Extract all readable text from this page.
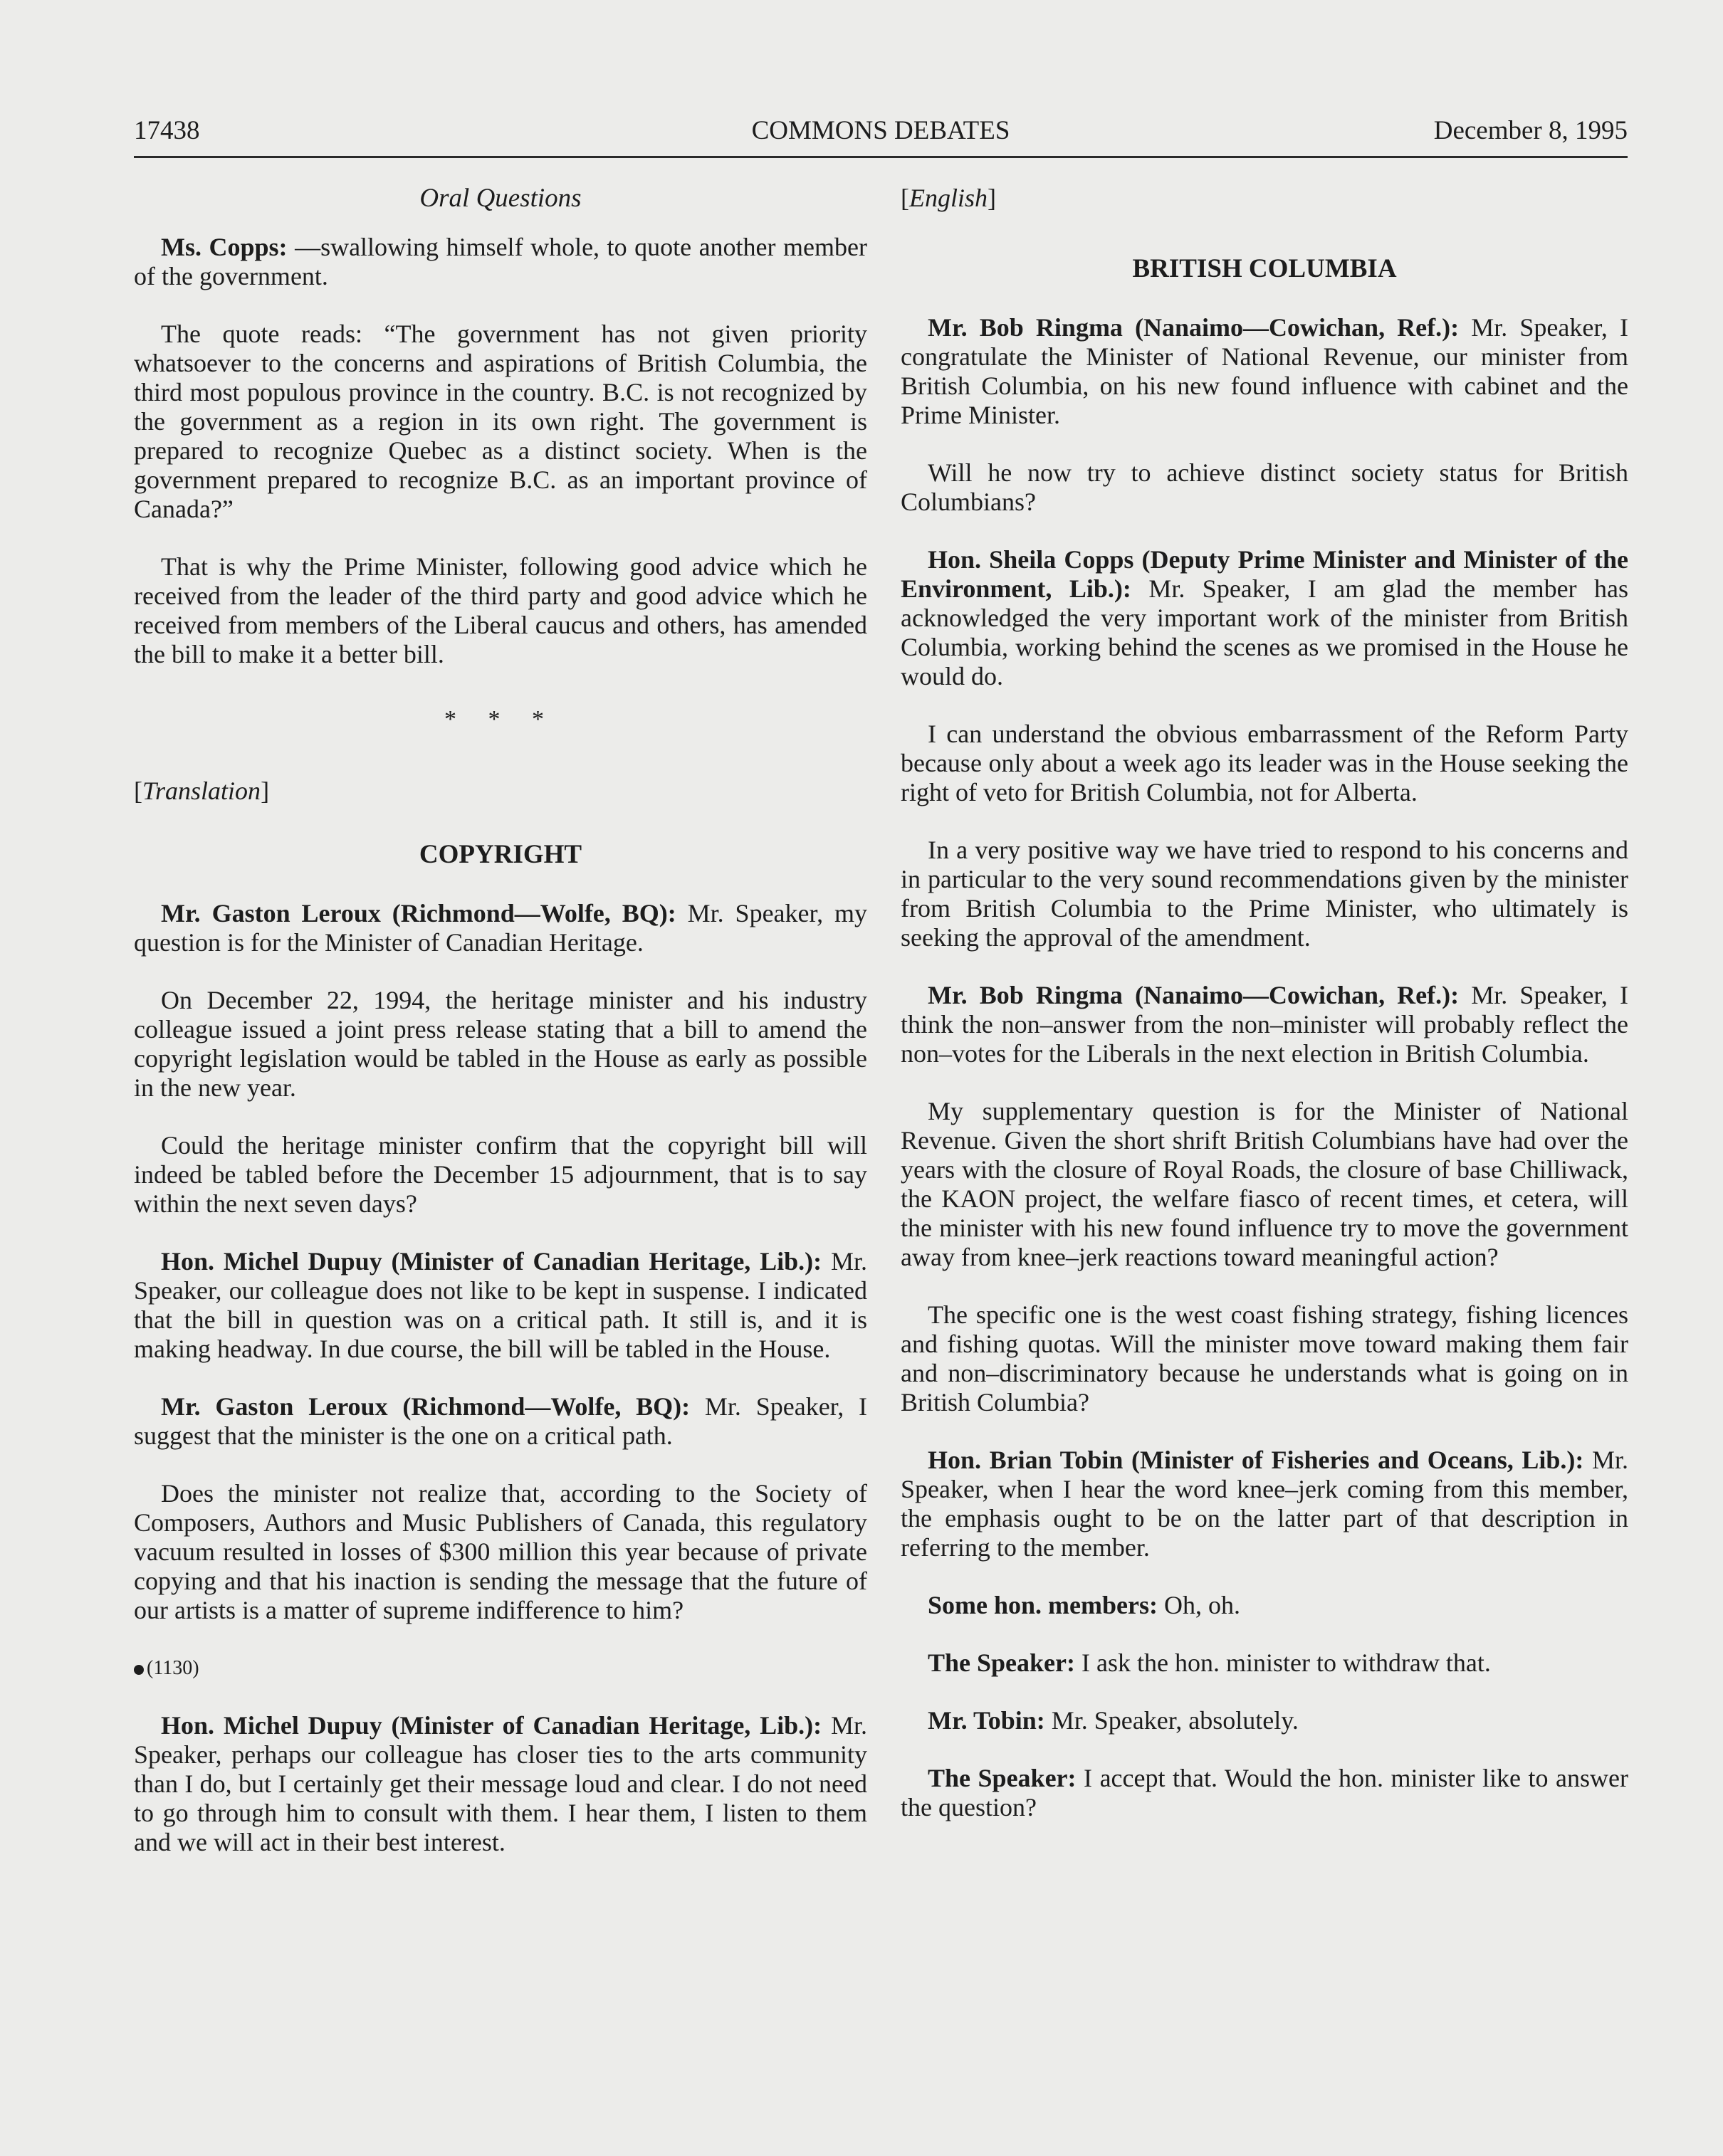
17438	COMMONS DEBATES	December 8, 1995

Oral Questions

Ms. Copps: —swallowing himself whole, to quote another member of the government.

The quote reads: “The government has not given priority whatsoever to the concerns and aspirations of British Columbia, the third most populous province in the country. B.C. is not recognized by the government as a region in its own right. The government is prepared to recognize Quebec as a distinct society. When is the government prepared to recognize B.C. as an important province of Canada?”

That is why the Prime Minister, following good advice which he received from the leader of the third party and good advice which he received from members of the Liberal caucus and others, has amended the bill to make it a better bill.

* * *

[Translation]

COPYRIGHT

Mr. Gaston Leroux (Richmond—Wolfe, BQ): Mr. Speaker, my question is for the Minister of Canadian Heritage.

On December 22, 1994, the heritage minister and his industry colleague issued a joint press release stating that a bill to amend the copyright legislation would be tabled in the House as early as possible in the new year.

Could the heritage minister confirm that the copyright bill will indeed be tabled before the December 15 adjournment, that is to say within the next seven days?

Hon. Michel Dupuy (Minister of Canadian Heritage, Lib.): Mr. Speaker, our colleague does not like to be kept in suspense. I indicated that the bill in question was on a critical path. It still is, and it is making headway. In due course, the bill will be tabled in the House.

Mr. Gaston Leroux (Richmond—Wolfe, BQ): Mr. Speaker, I suggest that the minister is the one on a critical path.

Does the minister not realize that, according to the Society of Composers, Authors and Music Publishers of Canada, this regulatory vacuum resulted in losses of $300 million this year because of private copying and that his inaction is sending the message that the future of our artists is a matter of supreme indifference to him?

(1130)

Hon. Michel Dupuy (Minister of Canadian Heritage, Lib.): Mr. Speaker, perhaps our colleague has closer ties to the arts community than I do, but I certainly get their message loud and clear. I do not need to go through him to consult with them. I hear them, I listen to them and we will act in their best interest.

[English]

BRITISH COLUMBIA

Mr. Bob Ringma (Nanaimo—Cowichan, Ref.): Mr. Speaker, I congratulate the Minister of National Revenue, our minister from British Columbia, on his new found influence with cabinet and the Prime Minister.

Will he now try to achieve distinct society status for British Columbians?

Hon. Sheila Copps (Deputy Prime Minister and Minister of the Environment, Lib.): Mr. Speaker, I am glad the member has acknowledged the very important work of the minister from British Columbia, working behind the scenes as we promised in the House he would do.

I can understand the obvious embarrassment of the Reform Party because only about a week ago its leader was in the House seeking the right of veto for British Columbia, not for Alberta.

In a very positive way we have tried to respond to his concerns and in particular to the very sound recommendations given by the minister from British Columbia to the Prime Minister, who ultimately is seeking the approval of the amendment.

Mr. Bob Ringma (Nanaimo—Cowichan, Ref.): Mr. Speaker, I think the non–answer from the non–minister will probably reflect the non–votes for the Liberals in the next election in British Columbia.

My supplementary question is for the Minister of National Revenue. Given the short shrift British Columbians have had over the years with the closure of Royal Roads, the closure of base Chilliwack, the KAON project, the welfare fiasco of recent times, et cetera, will the minister with his new found influence try to move the government away from knee–jerk reactions toward meaningful action?

The specific one is the west coast fishing strategy, fishing licences and fishing quotas. Will the minister move toward making them fair and non–discriminatory because he understands what is going on in British Columbia?

Hon. Brian Tobin (Minister of Fisheries and Oceans, Lib.): Mr. Speaker, when I hear the word knee–jerk coming from this member, the emphasis ought to be on the latter part of that description in referring to the member.

Some hon. members: Oh, oh.

The Speaker: I ask the hon. minister to withdraw that.

Mr. Tobin: Mr. Speaker, absolutely.

The Speaker: I accept that. Would the hon. minister like to answer the question?
